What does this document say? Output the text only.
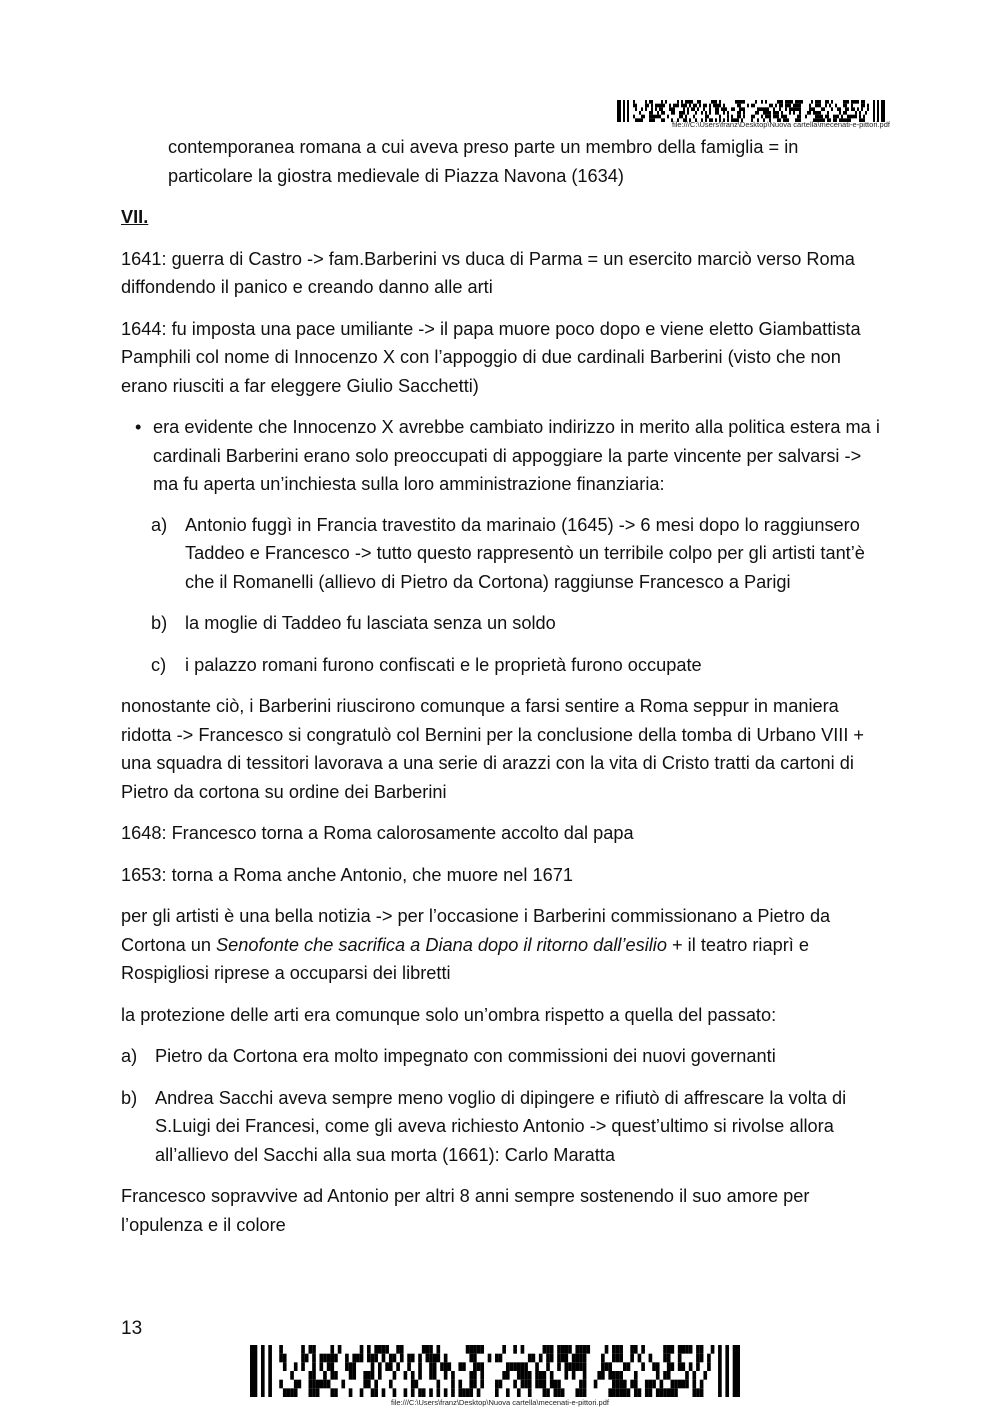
file:///C:\Users\franz\Desktop\Nuova cartella\mecenati-e-pittori.pdf

contemporanea romana a cui aveva preso parte un membro della famiglia = in particolare la giostra medievale di Piazza Navona (1634)

VII.

1641: guerra di Castro -> fam.Barberini vs duca di Parma = un esercito marciò verso Roma diffondendo il panico e creando danno alle arti

1644: fu imposta una pace umiliante -> il papa muore poco dopo e viene eletto Giambattista Pamphili col nome di Innocenzo X con l’appoggio di due cardinali Barberini (visto che non erano riusciti a far eleggere Giulio Sacchetti)

• era evidente che Innocenzo X avrebbe cambiato indirizzo in merito alla politica estera ma i cardinali Barberini erano solo preoccupati di appoggiare la parte vincente per salvarsi -> ma fu aperta un’inchiesta sulla loro amministrazione finanziaria:
a) Antonio fuggì in Francia travestito da marinaio (1645) -> 6 mesi dopo lo raggiunsero Taddeo e Francesco -> tutto questo rappresentò un terribile colpo per gli artisti tant’è che il Romanelli (allievo di Pietro da Cortona) raggiunse Francesco a Parigi
b) la moglie di Taddeo fu lasciata senza un soldo
c) i palazzo romani furono confiscati e le proprietà furono occupate

nonostante ciò, i Barberini riuscirono comunque a farsi sentire a Roma seppur in maniera ridotta -> Francesco si congratulò col Bernini per la conclusione della tomba di Urbano VIII + una squadra di tessitori lavorava a una serie di arazzi con la vita di Cristo tratti da cartoni di Pietro da cortona su ordine dei Barberini

1648: Francesco torna a Roma calorosamente accolto dal papa

1653: torna a Roma anche Antonio, che muore nel 1671

per gli artisti è una bella notizia -> per l’occasione i Barberini commissionano a Pietro da Cortona un Senofonte che sacrifica a Diana dopo il ritorno dall’esilio + il teatro riaprì e Rospigliosi riprese a occuparsi dei libretti

la protezione delle arti era comunque solo un’ombra rispetto a quella del passato:

a) Pietro da Cortona era molto impegnato con commissioni dei nuovi governanti
b) Andrea Sacchi aveva sempre meno voglio di dipingere e rifiutò di affrescare la volta di S.Luigi dei Francesi, come gli aveva richiesto Antonio -> quest’ultimo si rivolse allora all’allievo del Sacchi alla sua morta (1661): Carlo Maratta

Francesco sopravvive ad Antonio per altri 8 anni sempre sostenendo il suo amore per l’opulenza e il colore

13
file:///C:\Users\franz\Desktop\Nuova cartella\mecenati-e-pittori.pdf
